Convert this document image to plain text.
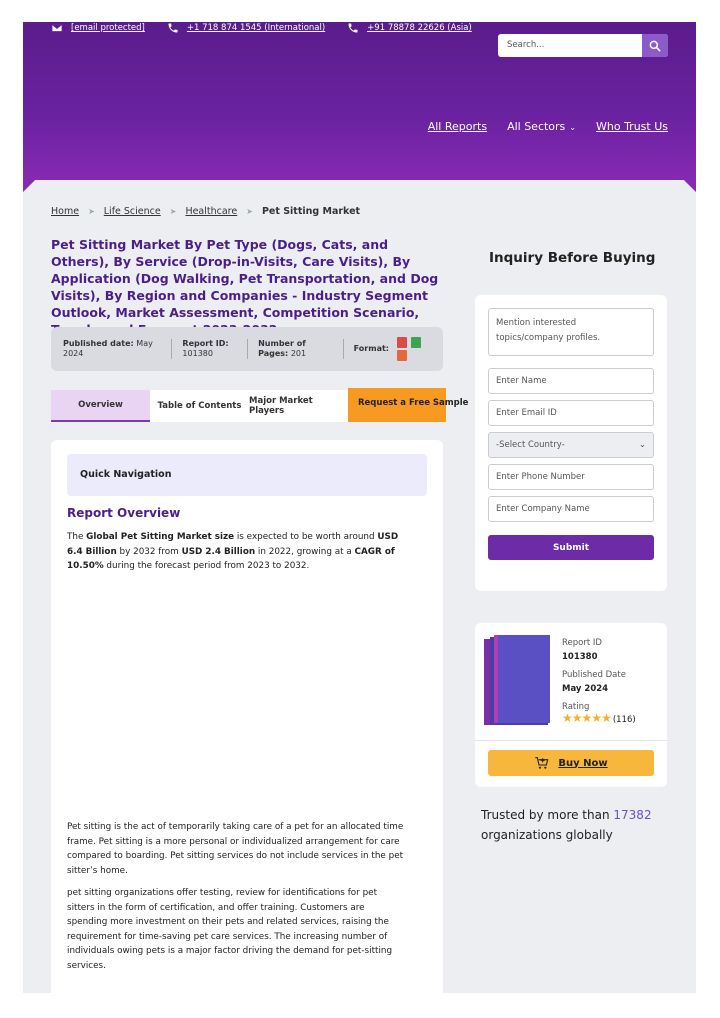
[email protected]	+1 718 874 1545 (International)	+91 78878 22626 (Asia)
Search...
All Reports All Sectors ⌄ Who Trust Us
Home ➤ Life Science ➤ Healthcare ➤ Pet Sitting Market
Pet Sitting Market By Pet Type (Dogs, Cats, and Others), By Service (Drop-in-Visits, Care Visits), By Application (Dog Walking, Pet Transportation, and Dog Visits), By Region and Companies - Industry Segment Outlook, Market Assessment, Competition Scenario,
Published date: May 2024
Report ID:
101380
Number of Pages: 201
Format:
Overview	Table of Contents Major Market Players
Request a Free Sample
Quick Navigation
Report Overview

The Global Pet Sitting Market size is expected to be worth around USD 6.4 Billion by 2032 from USD 2.4 Billion in 2022, growing at a CAGR of 10.50% during the forecast period from 2023 to 2032.

Pet sitting is the act of temporarily taking care of a pet for an allocated time frame. Pet sitting is a more personal or individualized arrangement for care compared to boarding. Pet sitting services do not include services in the pet sitter’s home.

pet sitting organizations offer testing, review for identifications for pet sitters in the form of certification, and offer training. Customers are spending more investment on their pets and related services, raising the requirement for time-saving pet care services. The increasing number of individuals owing pets is a major factor driving the demand for pet-sitting services.

Inquiry Before Buying
Mention interested topics/company profiles.
Enter Name
Enter Email ID
-Select Country-	⌄
Enter Phone Number
Enter Company Name
Submit
Report ID
101380
Published Date
May 2024
Rating
★★★★★ (116)
Buy Now
Trusted by more than 17382 organizations globally
